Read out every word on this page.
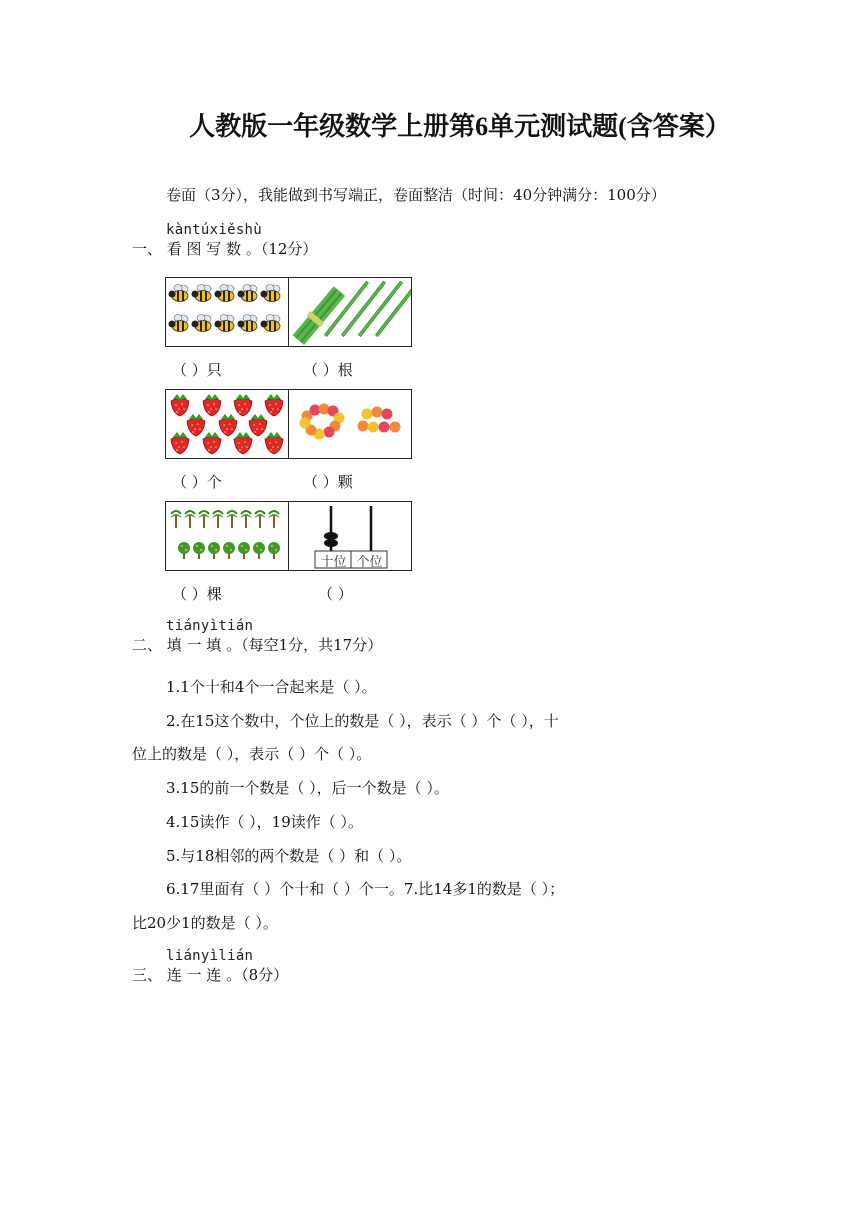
人教版一年级数学上册第6单元测试题(含答案）
卷面（3分），我能做到书写端正，卷面整洁（时间：40分钟满分：100分）
kàntúxiěshù
一、 看 图 写 数 。（12分）
（ ）只	（ ）根
（ ）个	（ ）颗
十位 个位
（ ）棵	（ ）
tiányìtián
二、 填 一 填 。（每空1分，共17分）
1.1个十和4个一合起来是（ ）。
2.在15这个数中，个位上的数是（ ），表示（ ）个（ ），十
位上的数是（ ），表示（ ）个（ ）。
3.15的前一个数是（ ），后一个数是（ ）。
4.15读作（ ），19读作（ ）。
5.与18相邻的两个数是（ ）和（ ）。
6.17里面有（ ）个十和（ ）个一。7.比14多1的数是（ ）；
比20少1的数是（ ）。
liányìlián
三、 连 一 连 。（8分）
